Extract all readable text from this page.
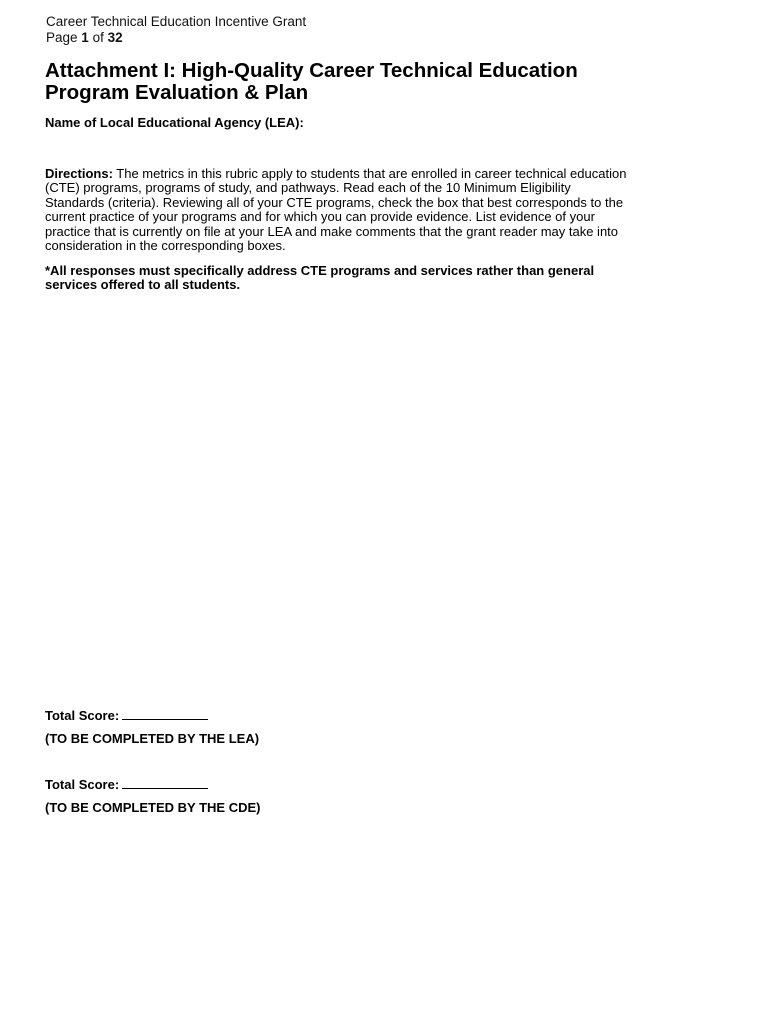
Career Technical Education Incentive Grant
Page 1 of 32
Attachment I: High-Quality Career Technical Education
Program Evaluation & Plan
Name of Local Educational Agency (LEA):

Directions: The metrics in this rubric apply to students that are enrolled in career technical education
(CTE) programs, programs of study, and pathways. Read each of the 10 Minimum Eligibility
Standards (criteria). Reviewing all of your CTE programs, check the box that best corresponds to the
current practice of your programs and for which you can provide evidence. List evidence of your
practice that is currently on file at your LEA and make comments that the grant reader may take into
consideration in the corresponding boxes.

*All responses must specifically address CTE programs and services rather than general
services offered to all students.

Total Score:
(TO BE COMPLETED BY THE LEA)
Total Score:
(TO BE COMPLETED BY THE CDE)
